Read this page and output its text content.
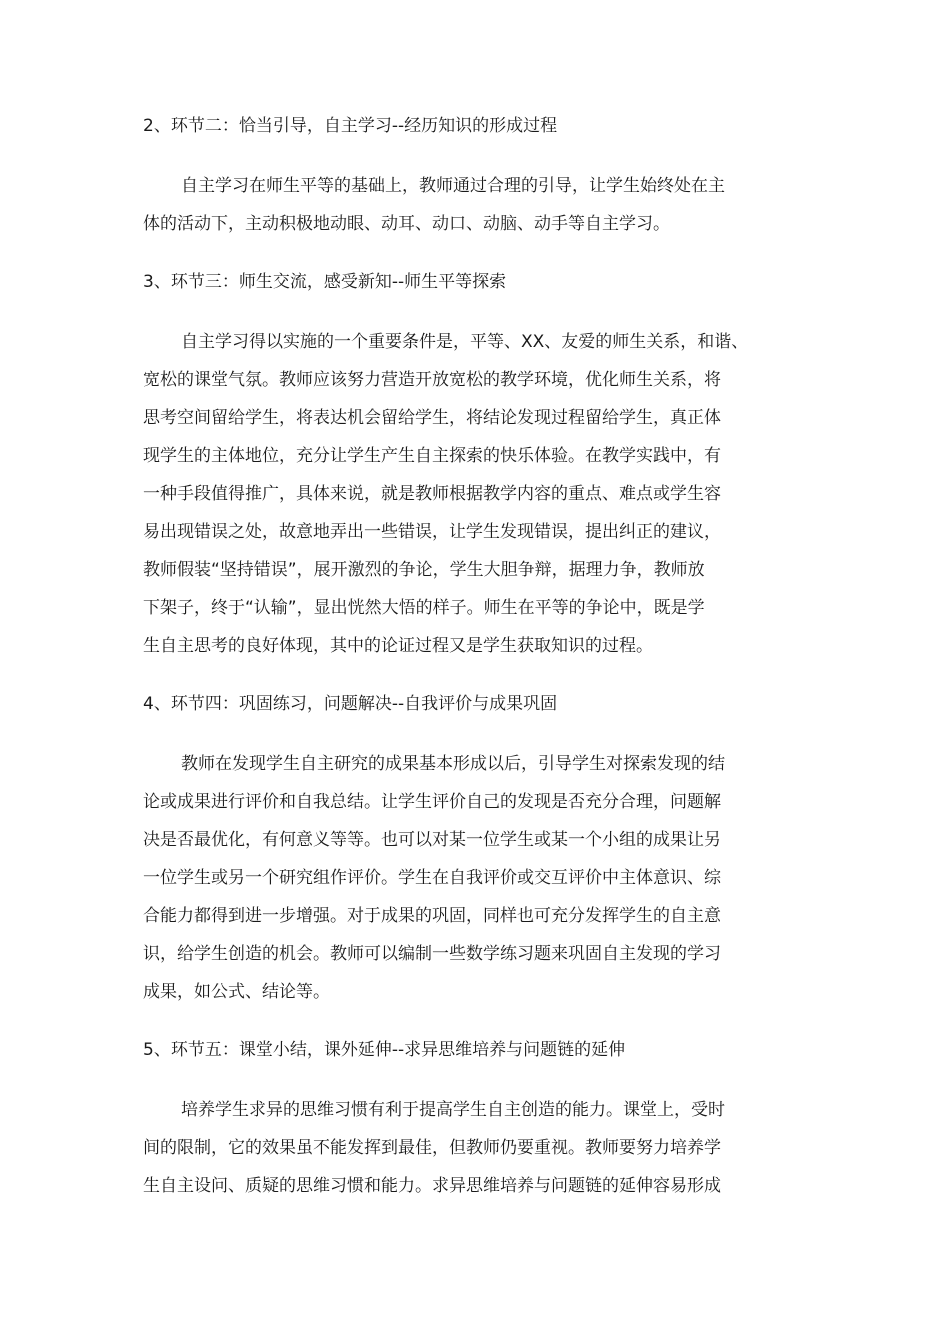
2、环节二：恰当引导，自主学习--经历知识的形成过程

自主学习在师生平等的基础上，教师通过合理的引导，让学生始终处在主
体的活动下，主动积极地动眼、动耳、动口、动脑、动手等自主学习。

3、环节三：师生交流，感受新知--师生平等探索

自主学习得以实施的一个重要条件是，平等、XX、友爱的师生关系，和谐、
宽松的课堂气氛。教师应该努力营造开放宽松的教学环境，优化师生关系，将
思考空间留给学生，将表达机会留给学生，将结论发现过程留给学生，真正体
现学生的主体地位，充分让学生产生自主探索的快乐体验。在教学实践中，有
一种手段值得推广，具体来说，就是教师根据教学内容的重点、难点或学生容
易出现错误之处，故意地弄出一些错误，让学生发现错误，提出纠正的建议，
教师假装“坚持错误”，展开激烈的争论，学生大胆争辩，据理力争，教师放
下架子，终于“认输”，显出恍然大悟的样子。师生在平等的争论中，既是学
生自主思考的良好体现，其中的论证过程又是学生获取知识的过程。

4、环节四：巩固练习，问题解决--自我评价与成果巩固

教师在发现学生自主研究的成果基本形成以后，引导学生对探索发现的结
论或成果进行评价和自我总结。让学生评价自己的发现是否充分合理，问题解
决是否最优化，有何意义等等。也可以对某一位学生或某一个小组的成果让另
一位学生或另一个研究组作评价。学生在自我评价或交互评价中主体意识、综
合能力都得到进一步增强。对于成果的巩固，同样也可充分发挥学生的自主意
识，给学生创造的机会。教师可以编制一些数学练习题来巩固自主发现的学习
成果，如公式、结论等。

5、环节五：课堂小结，课外延伸--求异思维培养与问题链的延伸

培养学生求异的思维习惯有利于提高学生自主创造的能力。课堂上，受时
间的限制，它的效果虽不能发挥到最佳，但教师仍要重视。教师要努力培养学
生自主设问、质疑的思维习惯和能力。求异思维培养与问题链的延伸容易形成
